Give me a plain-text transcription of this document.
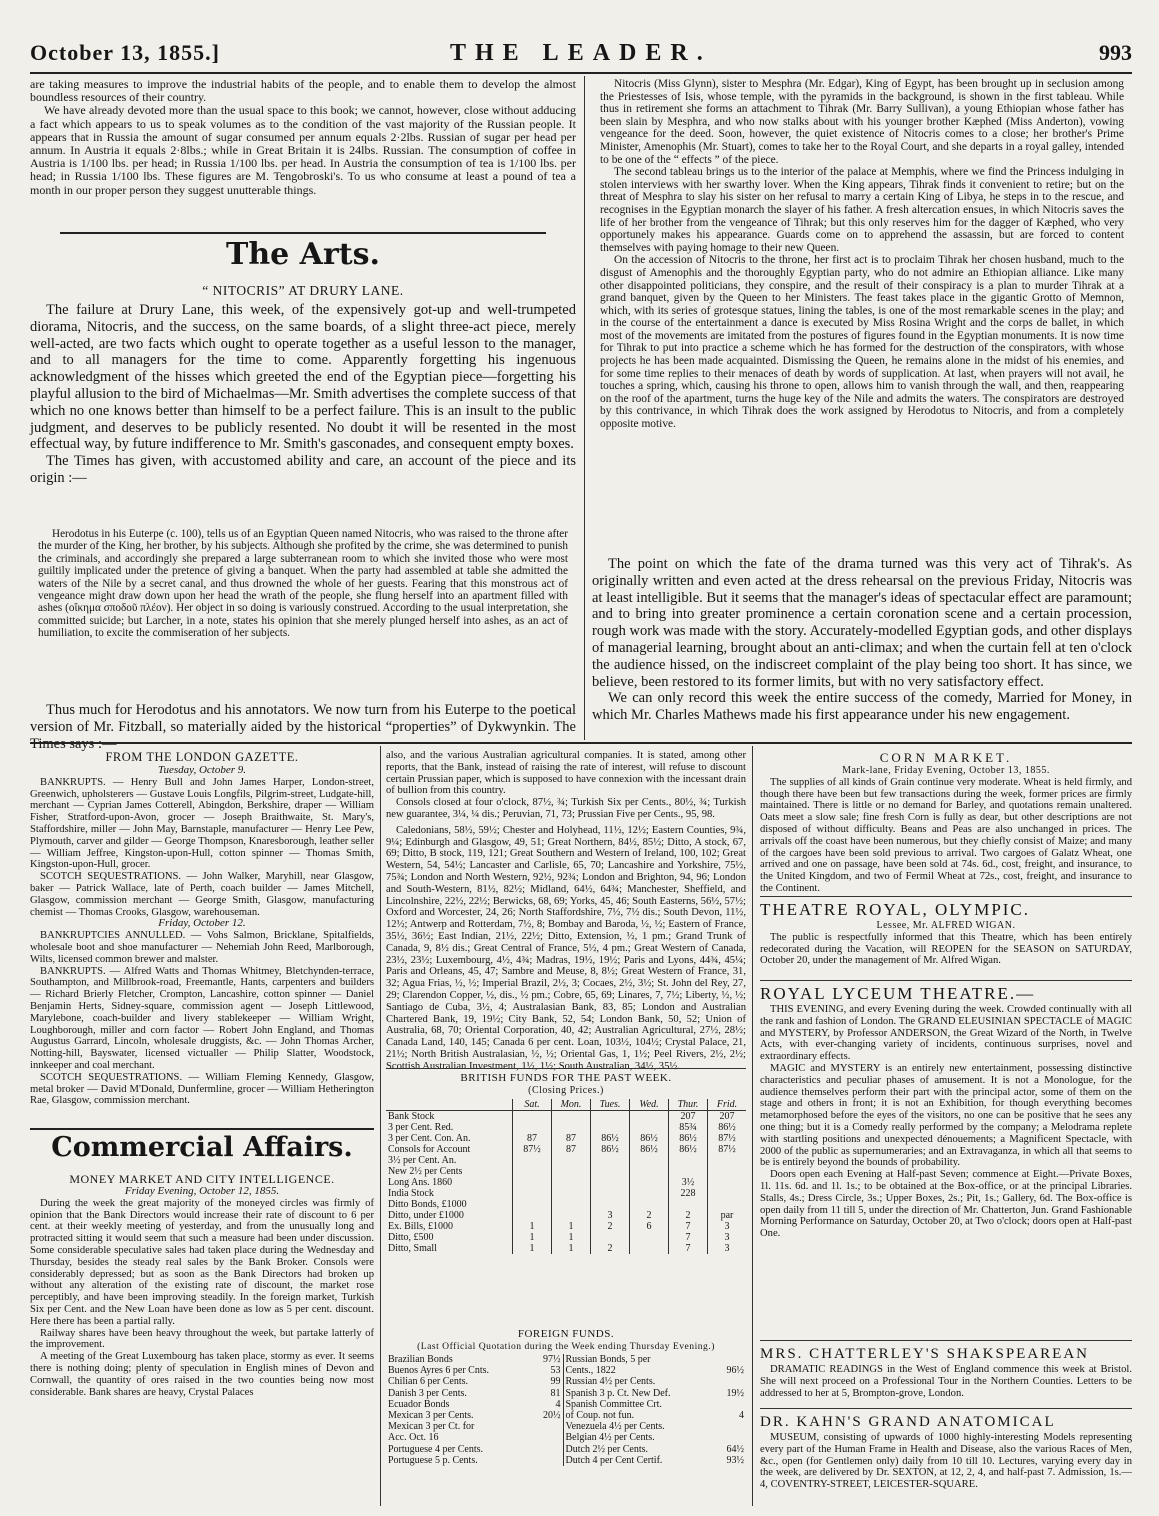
October 13, 1855.]	THE LEADER.	993

are taking measures to improve the industrial habits of the people, and to enable them to develop the almost boundless resources of their country.

We have already devoted more than the usual space to this book; we cannot, however, close without adducing a fact which appears to us to speak volumes as to the condition of the vast majority of the Russian people. It appears that in Russia the amount of sugar consumed per annum equals 2·2lbs. Russian of sugar per head per annum. In Austria it equals 2·8lbs.; while in Great Britain it is 24lbs. Russian. The consumption of coffee in Austria is 1/100 lbs. per head; in Russia 1/100 lbs. per head. In Austria the consumption of tea is 1/100 lbs. per head; in Russia 1/100 lbs. These figures are M. Tengobroski's. To us who consume at least a pound of tea a month in our proper person they suggest unutterable things.

The Arts.
“ NITOCRIS” AT DRURY LANE.

The failure at Drury Lane, this week, of the expensively got-up and well-trumpeted diorama, Nitocris, and the success, on the same boards, of a slight three-act piece, merely well-acted, are two facts which ought to operate together as a useful lesson to the manager, and to all managers for the time to come. Apparently forgetting his ingenuous acknowledgment of the hisses which greeted the end of the Egyptian piece—forgetting his playful allusion to the bird of Michaelmas—Mr. Smith advertises the complete success of that which no one knows better than himself to be a perfect failure. This is an insult to the public judgment, and deserves to be publicly resented. No doubt it will be resented in the most effectual way, by future indifference to Mr. Smith's gasconades, and consequent empty boxes.

The Times has given, with accustomed ability and care, an account of the piece and its origin :—

Herodotus in his Euterpe (c. 100), tells us of an Egyptian Queen named Nitocris, who was raised to the throne after the murder of the King, her brother, by his subjects. Although she profited by the crime, she was determined to punish the criminals, and accordingly she prepared a large subterranean room to which she invited those who were most guiltily implicated under the pretence of giving a banquet. When the party had assembled at table she admitted the waters of the Nile by a secret canal, and thus drowned the whole of her guests. Fearing that this monstrous act of vengeance might draw down upon her head the wrath of the people, she flung herself into an apartment filled with ashes (οἴκημα σποδοῦ πλέον). Her object in so doing is variously construed. According to the usual interpretation, she committed suicide; but Larcher, in a note, states his opinion that she merely plunged herself into ashes, as an act of humiliation, to excite the commiseration of her subjects.

Thus much for Herodotus and his annotators. We now turn from his Euterpe to the poetical version of Mr. Fitzball, so materially aided by the historical “properties” of Dykwynkin. The Times says :—

Nitocris (Miss Glynn), sister to Mesphra (Mr. Edgar), King of Egypt, has been brought up in seclusion among the Priestesses of Isis, whose temple, with the pyramids in the background, is shown in the first tableau. While thus in retirement she forms an attachment to Tihrak (Mr. Barry Sullivan), a young Ethiopian whose father has been slain by Mesphra, and who now stalks about with his younger brother Kæphed (Miss Anderton), vowing vengeance for the deed. Soon, however, the quiet existence of Nitocris comes to a close; her brother's Prime Minister, Amenophis (Mr. Stuart), comes to take her to the Royal Court, and she departs in a royal galley, intended to be one of the “ effects ” of the piece.

The second tableau brings us to the interior of the palace at Memphis, where we find the Princess indulging in stolen interviews with her swarthy lover. When the King appears, Tihrak finds it convenient to retire; but on the threat of Mesphra to slay his sister on her refusal to marry a certain King of Libya, he steps in to the rescue, and recognises in the Egyptian monarch the slayer of his father. A fresh altercation ensues, in which Nitocris saves the life of her brother from the vengeance of Tihrak; but this only reserves him for the dagger of Kæphed, who very opportunely makes his appearance. Guards come on to apprehend the assassin, but are forced to content themselves with paying homage to their new Queen.

On the accession of Nitocris to the throne, her first act is to proclaim Tihrak her chosen husband, much to the disgust of Amenophis and the thoroughly Egyptian party, who do not admire an Ethiopian alliance. Like many other disappointed politicians, they conspire, and the result of their conspiracy is a plan to murder Tihrak at a grand banquet, given by the Queen to her Ministers. The feast takes place in the gigantic Grotto of Memnon, which, with its series of grotesque statues, lining the tables, is one of the most remarkable scenes in the play; and in the course of the entertainment a dance is executed by Miss Rosina Wright and the corps de ballet, in which most of the movements are imitated from the postures of figures found in the Egyptian monuments. It is now time for Tihrak to put into practice a scheme which he has formed for the destruction of the conspirators, with whose projects he has been made acquainted. Dismissing the Queen, he remains alone in the midst of his enemies, and for some time replies to their menaces of death by words of supplication. At last, when prayers will not avail, he touches a spring, which, causing his throne to open, allows him to vanish through the wall, and then, reappearing on the roof of the apartment, turns the huge key of the Nile and admits the waters. The conspirators are destroyed by this contrivance, in which Tihrak does the work assigned by Herodotus to Nitocris, and from a completely opposite motive.

The point on which the fate of the drama turned was this very act of Tihrak's. As originally written and even acted at the dress rehearsal on the previous Friday, Nitocris was at least intelligible. But it seems that the manager's ideas of spectacular effect are paramount; and to bring into greater prominence a certain coronation scene and a certain procession, rough work was made with the story. Accurately-modelled Egyptian gods, and other displays of managerial learning, brought about an anti-climax; and when the curtain fell at ten o'clock the audience hissed, on the indiscreet complaint of the play being too short. It has since, we believe, been restored to its former limits, but with no very satisfactory effect.

We can only record this week the entire success of the comedy, Married for Money, in which Mr. Charles Mathews made his first appearance under his new engagement.

FROM THE LONDON GAZETTE.
Tuesday, October 9.

BANKRUPTS. — Henry Bull and John James Harper, London-street, Greenwich, upholsterers — Gustave Louis Longfils, Pilgrim-street, Ludgate-hill, merchant — Cyprian James Cotterell, Abingdon, Berkshire, draper — William Fisher, Stratford-upon-Avon, grocer — Joseph Braithwaite, St. Mary's, Staffordshire, miller — John May, Barnstaple, manufacturer — Henry Lee Pew, Plymouth, carver and gilder — George Thompson, Knaresborough, leather seller — William Jeffree, Kingston-upon-Hull, cotton spinner — Thomas Smith, Kingston-upon-Hull, grocer.

SCOTCH SEQUESTRATIONS. — John Walker, Maryhill, near Glasgow, baker — Patrick Wallace, late of Perth, coach builder — James Mitchell, Glasgow, commission merchant — George Smith, Glasgow, manufacturing chemist — Thomas Crooks, Glasgow, warehouseman.

Friday, October 12.

BANKRUPTCIES ANNULLED. — Vohs Salmon, Bricklane, Spitalfields, wholesale boot and shoe manufacturer — Nehemiah John Reed, Marlborough, Wilts, licensed common brewer and malster.

BANKRUPTS. — Alfred Watts and Thomas Whitmey, Bletchynden-terrace, Southampton, and Millbrook-road, Freemantle, Hants, carpenters and builders — Richard Brierly Fletcher, Crompton, Lancashire, cotton spinner — Daniel Benjamin Herts, Sidney-square, commission agent — Joseph Littlewood, Marylebone, coach-builder and livery stablekeeper — William Wright, Loughborough, miller and corn factor — Robert John England, and Thomas Augustus Garrard, Lincoln, wholesale druggists, &c. — John Thomas Archer, Notting-hill, Bayswater, licensed victualler — Philip Slatter, Woodstock, innkeeper and coal merchant.

SCOTCH SEQUESTRATIONS. — William Fleming Kennedy, Glasgow, metal broker — David M'Donald, Dunfermline, grocer — William Hetherington Rae, Glasgow, commission merchant.

Commercial Affairs.
MONEY MARKET AND CITY INTELLIGENCE.
Friday Evening, October 12, 1855.

During the week the great majority of the moneyed circles was firmly of opinion that the Bank Directors would increase their rate of discount to 6 per cent. at their weekly meeting of yesterday, and from the unusually long and protracted sitting it would seem that such a measure had been under discussion. Some considerable speculative sales had taken place during the Wednesday and Thursday, besides the steady real sales by the Bank Broker. Consols were considerably depressed; but as soon as the Bank Directors had broken up without any alteration of the existing rate of discount, the market rose perceptibly, and have been improving steadily. In the foreign market, Turkish Six per Cent. and the New Loan have been done as low as 5 per cent. discount. Here there has been a partial rally.

Railway shares have been heavy throughout the week, but partake latterly of the improvement.

A meeting of the Great Luxembourg has taken place, stormy as ever. It seems there is nothing doing; plenty of speculation in English mines of Devon and Cornwall, the quantity of ores raised in the two counties being now most considerable. Bank shares are heavy, Crystal Palaces

also, and the various Australian agricultural companies. It is stated, among other reports, that the Bank, instead of raising the rate of interest, will refuse to discount certain Prussian paper, which is supposed to have connexion with the incessant drain of bullion from this country.

Consols closed at four o'clock, 87½, ¾; Turkish Six per Cents., 80½, ¾; Turkish new guarantee, 3¼, ¼ dis.; Peruvian, 71, 73; Prussian Five per Cents., 95, 98.

Caledonians, 58½, 59½; Chester and Holyhead, 11½, 12½; Eastern Counties, 9¾, 9¼; Edinburgh and Glasgow, 49, 51; Great Northern, 84½, 85½; Ditto, A stock, 67, 69; Ditto, B stock, 119, 121; Great Southern and Western of Ireland, 100, 102; Great Western, 54, 54½; Lancaster and Carlisle, 65, 70; Lancashire and Yorkshire, 75½, 75¾; London and North Western, 92½, 92¾; London and Brighton, 94, 96; London and South-Western, 81½, 82½; Midland, 64½, 64¾; Manchester, Sheffield, and Lincolnshire, 22½, 22½; Berwicks, 68, 69; Yorks, 45, 46; South Easterns, 56½, 57½; Oxford and Worcester, 24, 26; North Staffordshire, 7½, 7½ dis.; South Devon, 11½, 12½; Antwerp and Rotterdam, 7½, 8; Bombay and Baroda, ½, ½; Eastern of France, 35½, 36½; East Indian, 21½, 22½; Ditto, Extension, ½, 1 pm.; Grand Trunk of Canada, 9, 8½ dis.; Great Central of France, 5½, 4 pm.; Great Western of Canada, 23½, 23½; Luxembourg, 4½, 4¾; Madras, 19½, 19½; Paris and Lyons, 44¾, 45¼; Paris and Orleans, 45, 47; Sambre and Meuse, 8, 8½; Great Western of France, 31, 32; Agua Frias, ½, ½; Imperial Brazil, 2½, 3; Cocaes, 2½, 3½; St. John del Rey, 27, 29; Clarendon Copper, ½, dis., ½ pm.; Cobre, 65, 69; Linares, 7, 7½; Liberty, ½, ½; Santiago de Cuba, 3½, 4; Australasian Bank, 83, 85; London and Australian Chartered Bank, 19, 19½; City Bank, 52, 54; London Bank, 50, 52; Union of Australia, 68, 70; Oriental Corporation, 40, 42; Australian Agricultural, 27½, 28½; Canada Land, 140, 145; Canada 6 per cent. Loan, 103½, 104½; Crystal Palace, 21, 21½; North British Australasian, ½, ½; Oriental Gas, 1, 1½; Peel Rivers, 2½, 2½; Scottish Australian Investment, 1½, 1½; South Australian, 34½, 35½.

BRITISH FUNDS FOR THE PAST WEEK.
(Closing Prices.)
	Sat.	Mon.	Tues.	Wed.	Thur.	Frid.
Bank Stock					207	207
3 per Cent. Red.					85¾	86½
3 per Cent. Con. An.	87	87	86½	86½	86½	87½
Consols for Account	87½	87	86½	86½	86½	87½
3½ per Cent. An.						
New 2½ per Cents						
Long Ans. 1860					3½	
India Stock					228	
Ditto Bonds, £1000						
Ditto, under £1000			3	2	2	par
Ex. Bills, £1000	1	1	2	6	7	3
Ditto, £500	1	1			7	3
Ditto, Small	1	1	2		7	3
FOREIGN FUNDS.
(Last Official Quotation during the Week ending Thursday Evening.)
Brazilian Bonds	97½	Russian Bonds, 5 per	
Buenos Ayres 6 per Cnts.	53	Cents., 1822	96½
Chilian 6 per Cents.	99	Russian 4½ per Cents.	
Danish 3 per Cents.	81	Spanish 3 p. Ct. New Def.	19½
Ecuador Bonds	4	Spanish Committee Crt.	
Mexican 3 per Cents.	20½	of Coup. not fun.	4
Mexican 3 per Ct. for		Venezuela 4½ per Cents.	
Acc. Oct. 16		Belgian 4½ per Cents.	
Portuguese 4 per Cents.		Dutch 2½ per Cents.	64½
Portuguese 5 p. Cents.		Dutch 4 per Cent Certif.	93½
CORN MARKET.
Mark-lane, Friday Evening, October 13, 1855.

The supplies of all kinds of Grain continue very moderate. Wheat is held firmly, and though there have been but few transactions during the week, former prices are firmly maintained. There is little or no demand for Barley, and quotations remain unaltered. Oats meet a slow sale; fine fresh Corn is fully as dear, but other descriptions are not disposed of without difficulty. Beans and Peas are also unchanged in prices. The arrivals off the coast have been numerous, but they chiefly consist of Maize; and many of the cargoes have been sold previous to arrival. Two cargoes of Galatz Wheat, one arrived and one on passage, have been sold at 74s. 6d., cost, freight, and insurance, to the United Kingdom, and two of Fermil Wheat at 72s., cost, freight, and insurance to the Continent.

THEATRE ROYAL, OLYMPIC.
Lessee, Mr. ALFRED WIGAN.

The public is respectfully informed that this Theatre, which has been entirely redecorated during the Vacation, will REOPEN for the SEASON on SATURDAY, October 20, under the management of Mr. Alfred Wigan.

ROYAL LYCEUM THEATRE.—

THIS EVENING, and every Evening during the week. Crowded continually with all the rank and fashion of London. The GRAND ELEUSINIAN SPECTACLE of MAGIC and MYSTERY, by Professor ANDERSON, the Great Wizard of the North, in Twelve Acts, with ever-changing variety of incidents, continuous surprises, novel and extraordinary effects.

MAGIC and MYSTERY is an entirely new entertainment, possessing distinctive characteristics and peculiar phases of amusement. It is not a Monologue, for the audience themselves perform their part with the principal actor, some of them on the stage and others in front; it is not an Exhibition, for though everything becomes metamorphosed before the eyes of the visitors, no one can be positive that he sees any one thing; but it is a Comedy really performed by the company; a Melodrama replete with startling positions and unexpected dénouements; a Magnificent Spectacle, with 2000 of the public as supernumeraries; and an Extravaganza, in which all that seems to be is entirely beyond the bounds of probability.

Doors open each Evening at Half-past Seven; commence at Eight.—Private Boxes, 1l. 11s. 6d. and 1l. 1s.; to be obtained at the Box-office, or at the principal Libraries. Stalls, 4s.; Dress Circle, 3s.; Upper Boxes, 2s.; Pit, 1s.; Gallery, 6d. The Box-office is open daily from 11 till 5, under the direction of Mr. Chatterton, Jun. Grand Fashionable Morning Performance on Saturday, October 20, at Two o'clock; doors open at Half-past One.

MRS. CHATTERLEY'S SHAKSPEAREAN

DRAMATIC READINGS in the West of England commence this week at Bristol. She will next proceed on a Professional Tour in the Northern Counties. Letters to be addressed to her at 5, Brompton-grove, London.

DR. KAHN'S GRAND ANATOMICAL

MUSEUM, consisting of upwards of 1000 highly-interesting Models representing every part of the Human Frame in Health and Disease, also the various Races of Men, &c., open (for Gentlemen only) daily from 10 till 10. Lectures, varying every day in the week, are delivered by Dr. SEXTON, at 12, 2, 4, and half-past 7. Admission, 1s.— 4, COVENTRY-STREET, LEICESTER-SQUARE.
